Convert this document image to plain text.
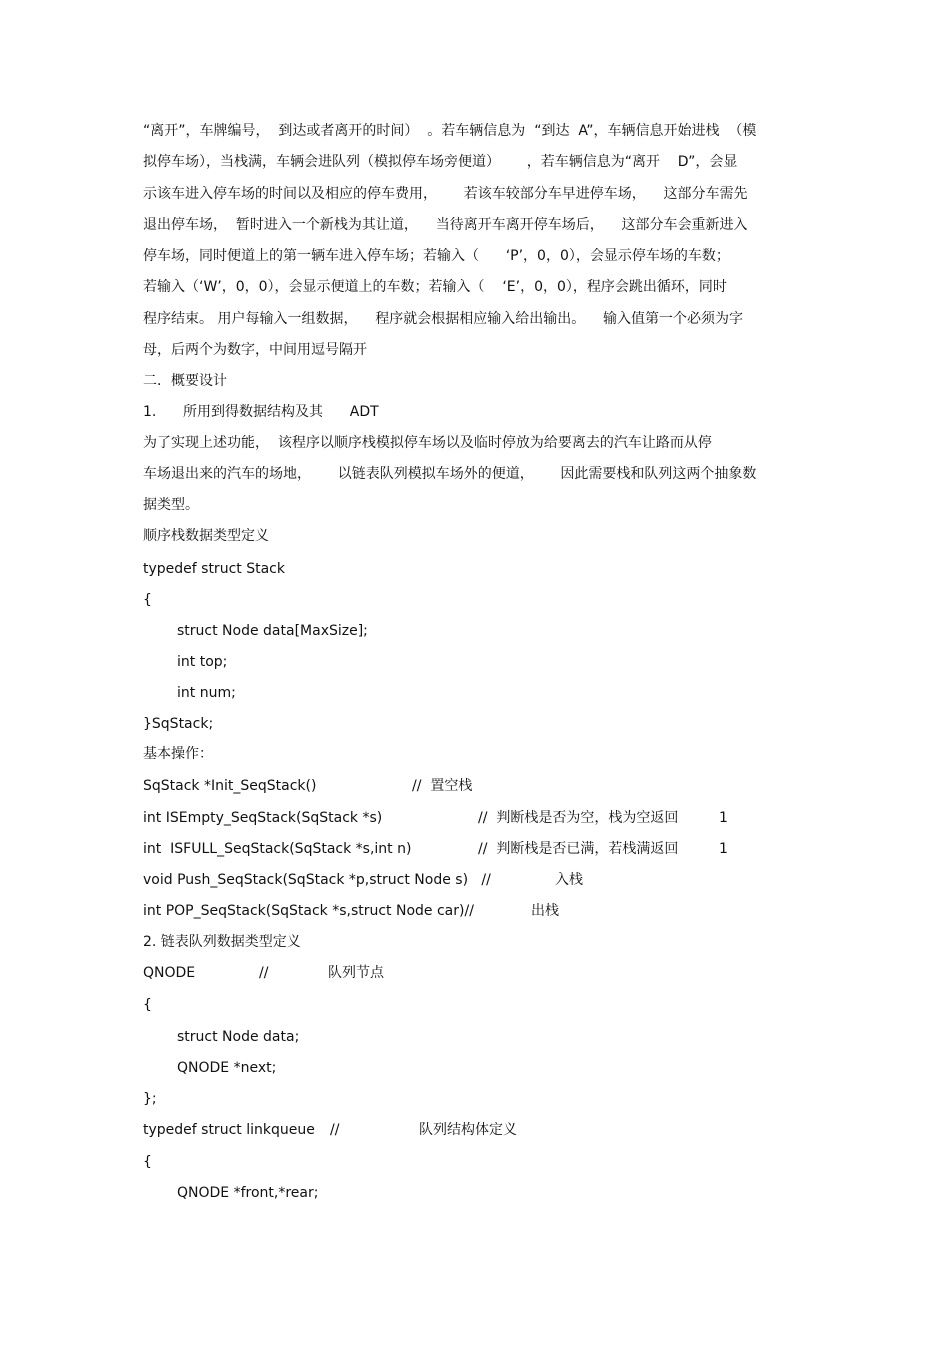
“离开”，车牌编号，  到达或者离开的时间）  。若车辆信息为  “到达  A”，车辆信息开始进栈  （模

拟停车场），当栈满，车辆会进队列（模拟停车场旁便道）      ，若车辆信息为“离开    D”，会显

示该车进入停车场的时间以及相应的停车费用，      若该车较部分车早进停车场，    这部分车需先

退出停车场，  暂时进入一个新栈为其让道，    当待离开车离开停车场后，    这部分车会重新进入

停车场，同时便道上的第一辆车进入停车场；若输入（      ‘P’，0，0），会显示停车场的车数；

若输入（‘W’，0，0），会显示便道上的车数；若输入（    ‘E’，0，0），程序会跳出循环，同时

程序结束。 用户每输入一组数据，    程序就会根据相应输入给出输出。    输入值第一个必须为字

母，后两个为数字，中间用逗号隔开

二．概要设计

1.      所用到得数据结构及其      ADT

为了实现上述功能，  该程序以顺序栈模拟停车场以及临时停放为给要离去的汽车让路而从停

车场退出来的汽车的场地，      以链表队列模拟车场外的便道，      因此需要栈和队列这两个抽象数

据类型。

顺序栈数据类型定义

typedef struct Stack

{

struct Node data[MaxSize];

int top;

int num;

}SqStack;

基本操作：

SqStack *Init_SeqStack()	//  置空栈
int ISEmpty_SeqStack(SqStack *s)	//  判断栈是否为空，栈为空返回	1
int  ISFULL_SeqStack(SqStack *s,int n)	//  判断栈是否已满，若栈满返回	1
void Push_SeqStack(SqStack *p,struct Node s)   //	入栈
int POP_SeqStack(SqStack *s,struct Node car)//	出栈

2. 链表队列数据类型定义

QNODE	//	队列节点

{

struct Node data;

QNODE *next;

};

typedef struct linkqueue //	队列结构体定义

{

QNODE *front,*rear;
